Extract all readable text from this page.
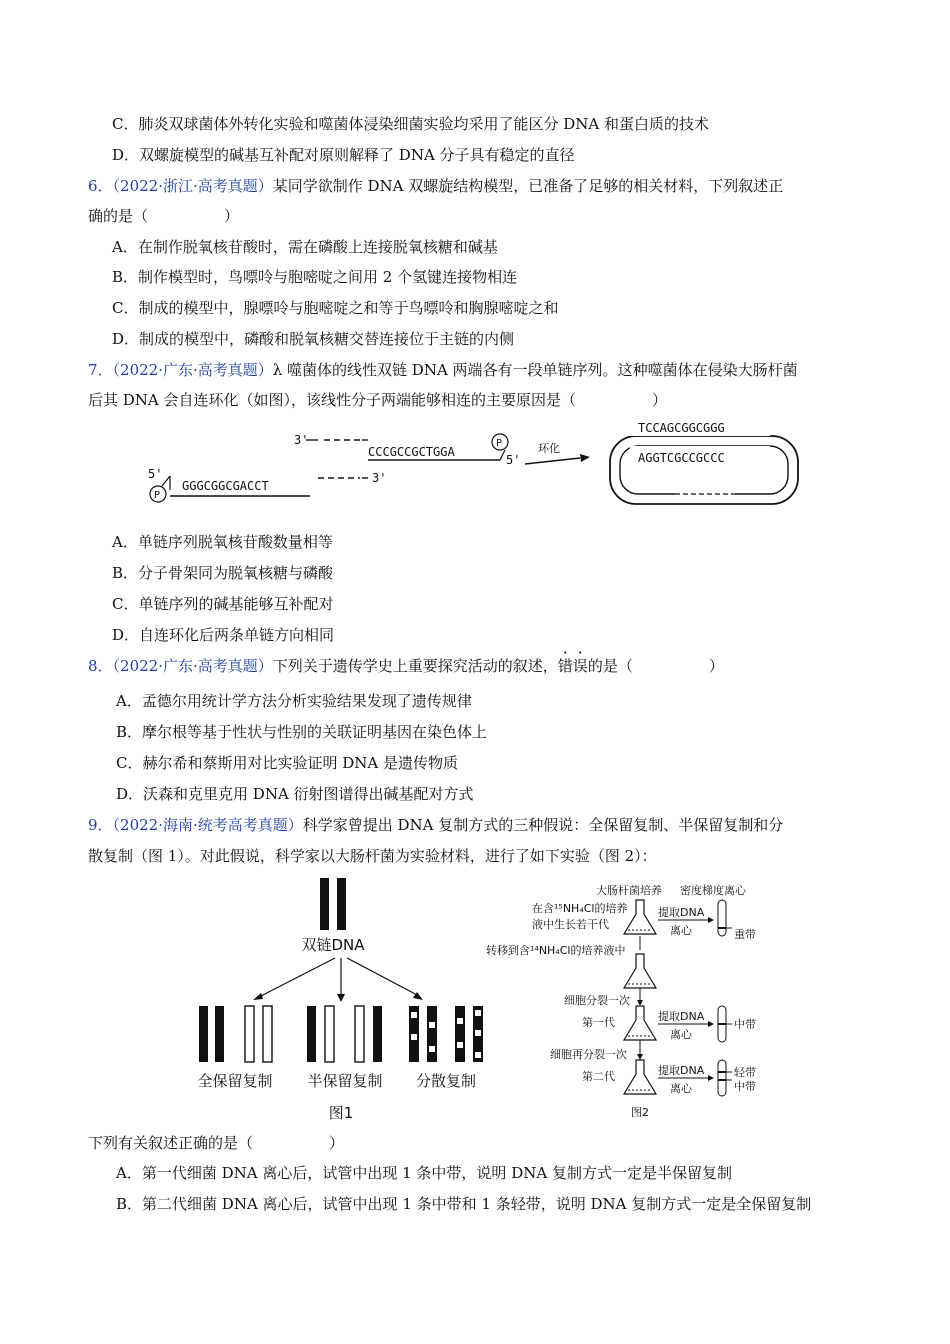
C．肺炎双球菌体外转化实验和噬菌体浸染细菌实验均采用了能区分 DNA 和蛋白质的技术
D．双螺旋模型的碱基互补配对原则解释了 DNA 分子具有稳定的直径
6．（2022·浙江·高考真题）某同学欲制作 DNA 双螺旋结构模型，已准备了足够的相关材料，下列叙述正
确的是（	）
A．在制作脱氧核苷酸时，需在磷酸上连接脱氧核糖和碱基
B．制作模型时，鸟嘌呤与胞嘧啶之间用 2 个氢键连接物相连
C．制成的模型中，腺嘌呤与胞嘧啶之和等于鸟嘌呤和胸腺嘧啶之和
D．制成的模型中，磷酸和脱氧核糖交替连接位于主链的内侧
7．（2022·广东·高考真题）λ 噬菌体的线性双链 DNA 两端各有一段单链序列。这种噬菌体在侵染大肠杆菌
后其 DNA 会自连环化（如图），该线性分子两端能够相连的主要原因是（	）
3'
CCCGCCGCTGGA
P
5'
5'
P
GGGCGGCGACCT
3'
环化
TCCAGCGGCGGG
AGGTCGCCGCCC
A．单链序列脱氧核苷酸数量相等
B．分子骨架同为脱氧核糖与磷酸
C．单链序列的碱基能够互补配对
D．自连环化后两条单链方向相同
8．（2022·广东·高考真题）下列关于遗传学史上重要探究活动的叙述，错误的是（	）
A．孟德尔用统计学方法分析实验结果发现了遗传规律
B．摩尔根等基于性状与性别的关联证明基因在染色体上
C．赫尔希和蔡斯用对比实验证明 DNA 是遗传物质
D．沃森和克里克用 DNA 衍射图谱得出碱基配对方式
9．（2022·海南·统考高考真题）科学家曾提出 DNA 复制方式的三种假说：全保留复制、半保留复制和分
散复制（图 1）。对此假说，科学家以大肠杆菌为实验材料，进行了如下实验（图 2）：
双链DNA
全保留复制 半保留复制 分散复制
图1
大肠杆菌培养 密度梯度离心
在含¹⁵NH₄Cl的培养
液中生长若干代
提取DNA
离心	重带
转移到含¹⁴NH₄Cl的培养液中
细胞分裂一次
第一代	提取DNA
离心
中带
细胞再分裂一次
第二代	提取DNA
离心
轻带
中带
图2
下列有关叙述正确的是（	）
A．第一代细菌 DNA 离心后，试管中出现 1 条中带，说明 DNA 复制方式一定是半保留复制
B．第二代细菌 DNA 离心后，试管中出现 1 条中带和 1 条轻带，说明 DNA 复制方式一定是全保留复制
